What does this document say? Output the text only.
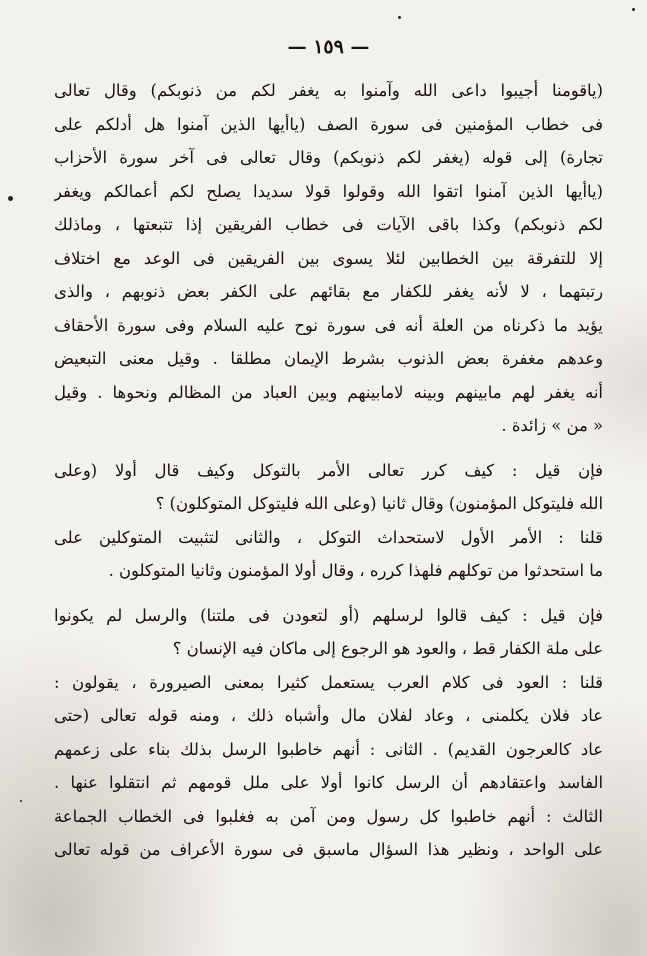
— ١٥٩ —
(ياقومنا أجيبوا داعى الله وآمنوا به يغفر لكم من ذنوبكم) وقال تعالى
فى خطاب المؤمنين فى سورة الصف (ياأيها الذين آمنوا هل أدلكم على
تجارة) إلى قوله (يغفر لكم ذنوبكم) وقال تعالى فى آخر سورة الأحزاب
(ياأيها الذين آمنوا اتقوا الله وقولوا قولا سديدا يصلح لكم أعمالكم ويغفر
لكم ذنوبكم) وكذا باقى الآيات فى خطاب الفريقين إذا تتبعتها ، وماذلك
إلا للتفرقة بين الخطابين لئلا يسوى بين الفريقين فى الوعد مع اختلاف
رتبتهما ، لا لأنه يغفر للكفار مع بقائهم على الكفر بعض ذنوبهم ، والذى
يؤيد ما ذكرناه من العلة أنه فى سورة نوح عليه السلام وفى سورة الأحقاف
وعدهم مغفرة بعض الذنوب بشرط الإيمان مطلقا . وقيل معنى التبعيض
أنه يغفر لهم مابينهم وبينه لامابينهم وبين العباد من المظالم ونحوها . وقيل
« من » زائدة .
فإن قيل : كيف كرر تعالى الأمر بالتوكل وكيف قال أولا (وعلى
الله فليتوكل المؤمنون) وقال ثانيا (وعلى الله فليتوكل المتوكلون) ؟
قلنا : الأمر الأول لاستحداث التوكل ، والثانى لتثبيت المتوكلين على
ما استحدثوا من توكلهم فلهذا كرره ، وقال أولا المؤمنون وثانيا المتوكلون .
فإن قيل : كيف قالوا لرسلهم (أو لتعودن فى ملتنا) والرسل لم يكونوا
على ملة الكفار قط ، والعود هو الرجوع إلى ماكان فيه الإنسان ؟
قلنا : العود فى كلام العرب يستعمل كثيرا بمعنى الصيرورة ، يقولون :
عاد فلان يكلمنى ، وعاد لفلان مال وأشباه ذلك ، ومنه قوله تعالى (حتى
عاد كالعرجون القديم) . الثانى : أنهم خاطبوا الرسل بذلك بناء على زعمهم
الفاسد واعتقادهم أن الرسل كانوا أولا على ملل قومهم ثم انتقلوا عنها .
الثالث : أنهم خاطبوا كل رسول ومن آمن به فغلبوا فى الخطاب الجماعة
على الواحد ، ونظير هذا السؤال ماسبق فى سورة الأعراف من قوله تعالى
